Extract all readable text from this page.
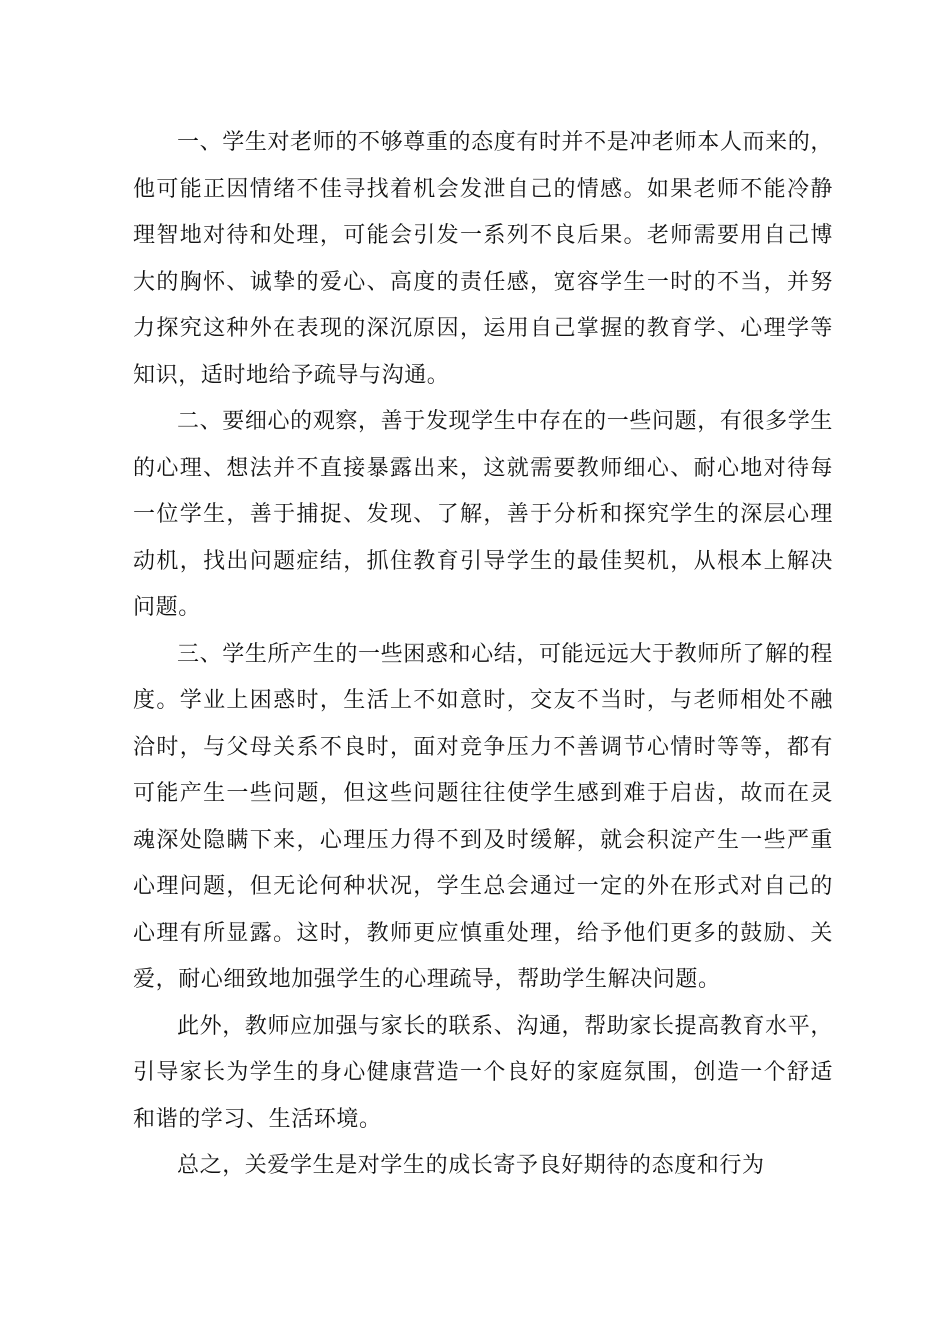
一、学生对老师的不够尊重的态度有时并不是冲老师本人而来的，他可能正因情绪不佳寻找着机会发泄自己的情感。如果老师不能冷静理智地对待和处理，可能会引发一系列不良后果。老师需要用自己博大的胸怀、诚挚的爱心、高度的责任感，宽容学生一时的不当，并努力探究这种外在表现的深沉原因，运用自己掌握的教育学、心理学等知识，适时地给予疏导与沟通。

二、要细心的观察，善于发现学生中存在的一些问题，有很多学生的心理、想法并不直接暴露出来，这就需要教师细心、耐心地对待每一位学生，善于捕捉、发现、了解，善于分析和探究学生的深层心理动机，找出问题症结，抓住教育引导学生的最佳契机，从根本上解决问题。

三、学生所产生的一些困惑和心结，可能远远大于教师所了解的程度。学业上困惑时，生活上不如意时，交友不当时，与老师相处不融洽时，与父母关系不良时，面对竞争压力不善调节心情时等等，都有可能产生一些问题，但这些问题往往使学生感到难于启齿，故而在灵魂深处隐瞒下来，心理压力得不到及时缓解，就会积淀产生一些严重心理问题，但无论何种状况，学生总会通过一定的外在形式对自己的心理有所显露。这时，教师更应慎重处理，给予他们更多的鼓励、关爱，耐心细致地加强学生的心理疏导，帮助学生解决问题。

此外，教师应加强与家长的联系、沟通，帮助家长提高教育水平，引导家长为学生的身心健康营造一个良好的家庭氛围，创造一个舒适和谐的学习、生活环境。

总之，关爱学生是对学生的成长寄予良好期待的态度和行为
